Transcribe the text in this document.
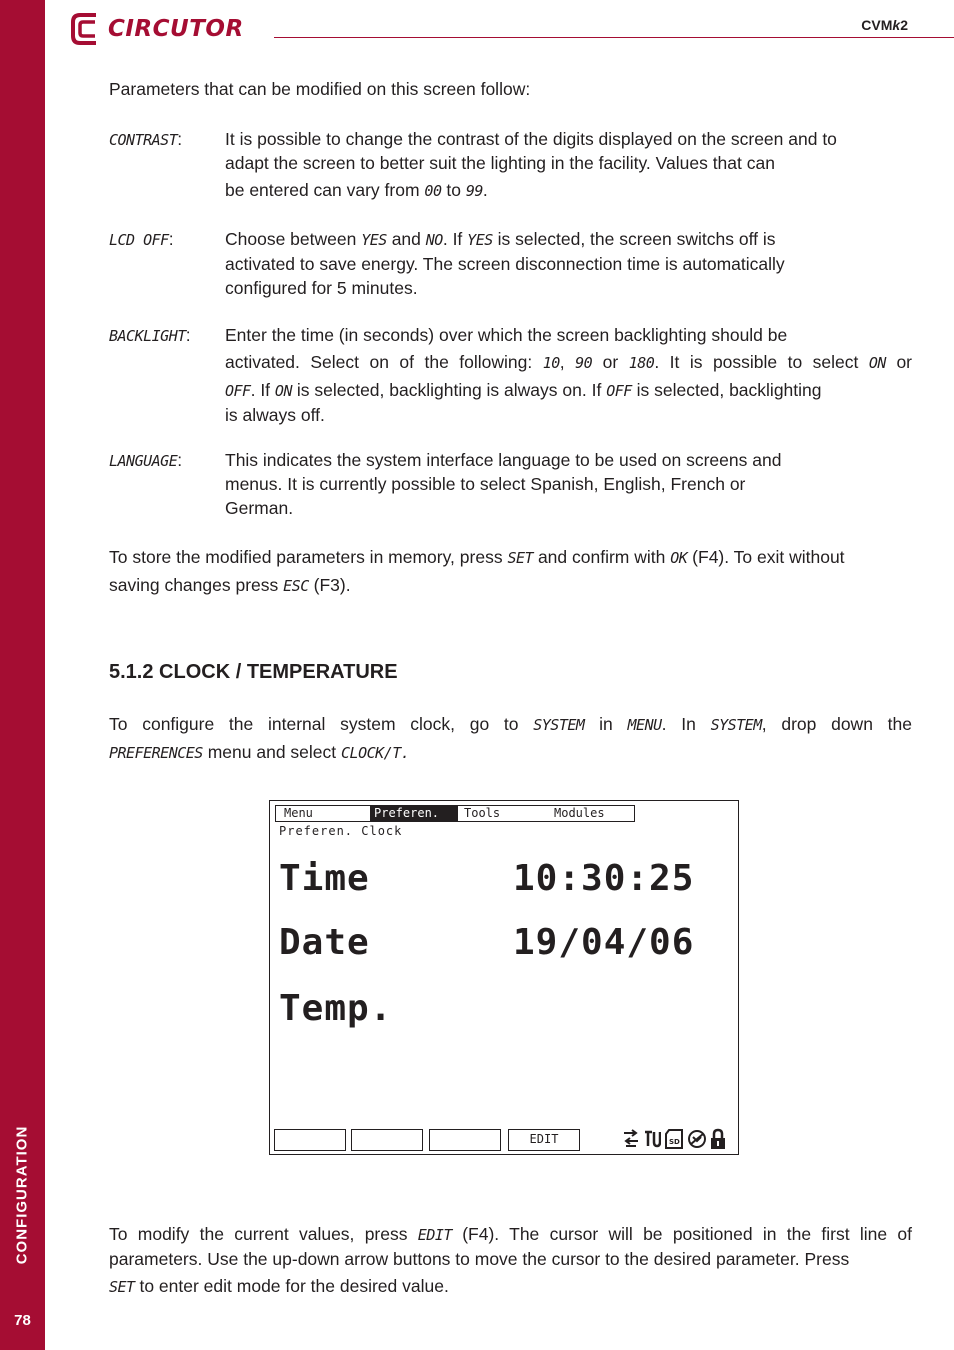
CONFIGURATION
78
CIRCUTOR	CVMk2
Parameters that can be modified on this screen follow:
CONTRAST: It is possible to change the contrast of the digits displayed on the screen and to
adapt the screen to better suit the lighting in the facility. Values that can
be entered can vary from 00 to 99.
LCD OFF:	Choose between YES and NO. If YES is selected, the screen switchs off is
activated to save energy. The screen disconnection time is automatically
configured for 5 minutes.
BACKLIGHT: Enter the time (in seconds) over which the screen backlighting should be
activated. Select on of the following: 10, 90 or 180. It is possible to select ON or
OFF. If ON is selected, backlighting is always on. If OFF is selected, backlighting
is always off.
LANGUAGE: This indicates the system interface language to be used on screens and
menus. It is currently possible to select Spanish, English, French or
German.
To store the modified parameters in memory, press SET and confirm with OK (F4). To exit without
saving changes press ESC (F3).
5.1.2 CLOCK / TEMPERATURE
To configure the internal system clock, go to SYSTEM in MENU. In SYSTEM, drop down the
PREFERENCES menu and select CLOCK/T.
Menu	Preferen.	Tools	Modules
Preferen. Clock
Time	10:30:25
Date	19/04/06
Temp.
EDIT	SD
To modify the current values, press EDIT (F4). The cursor will be positioned in the first line of
parameters. Use the up-down arrow buttons to move the cursor to the desired parameter. Press
SET to enter edit mode for the desired value.
